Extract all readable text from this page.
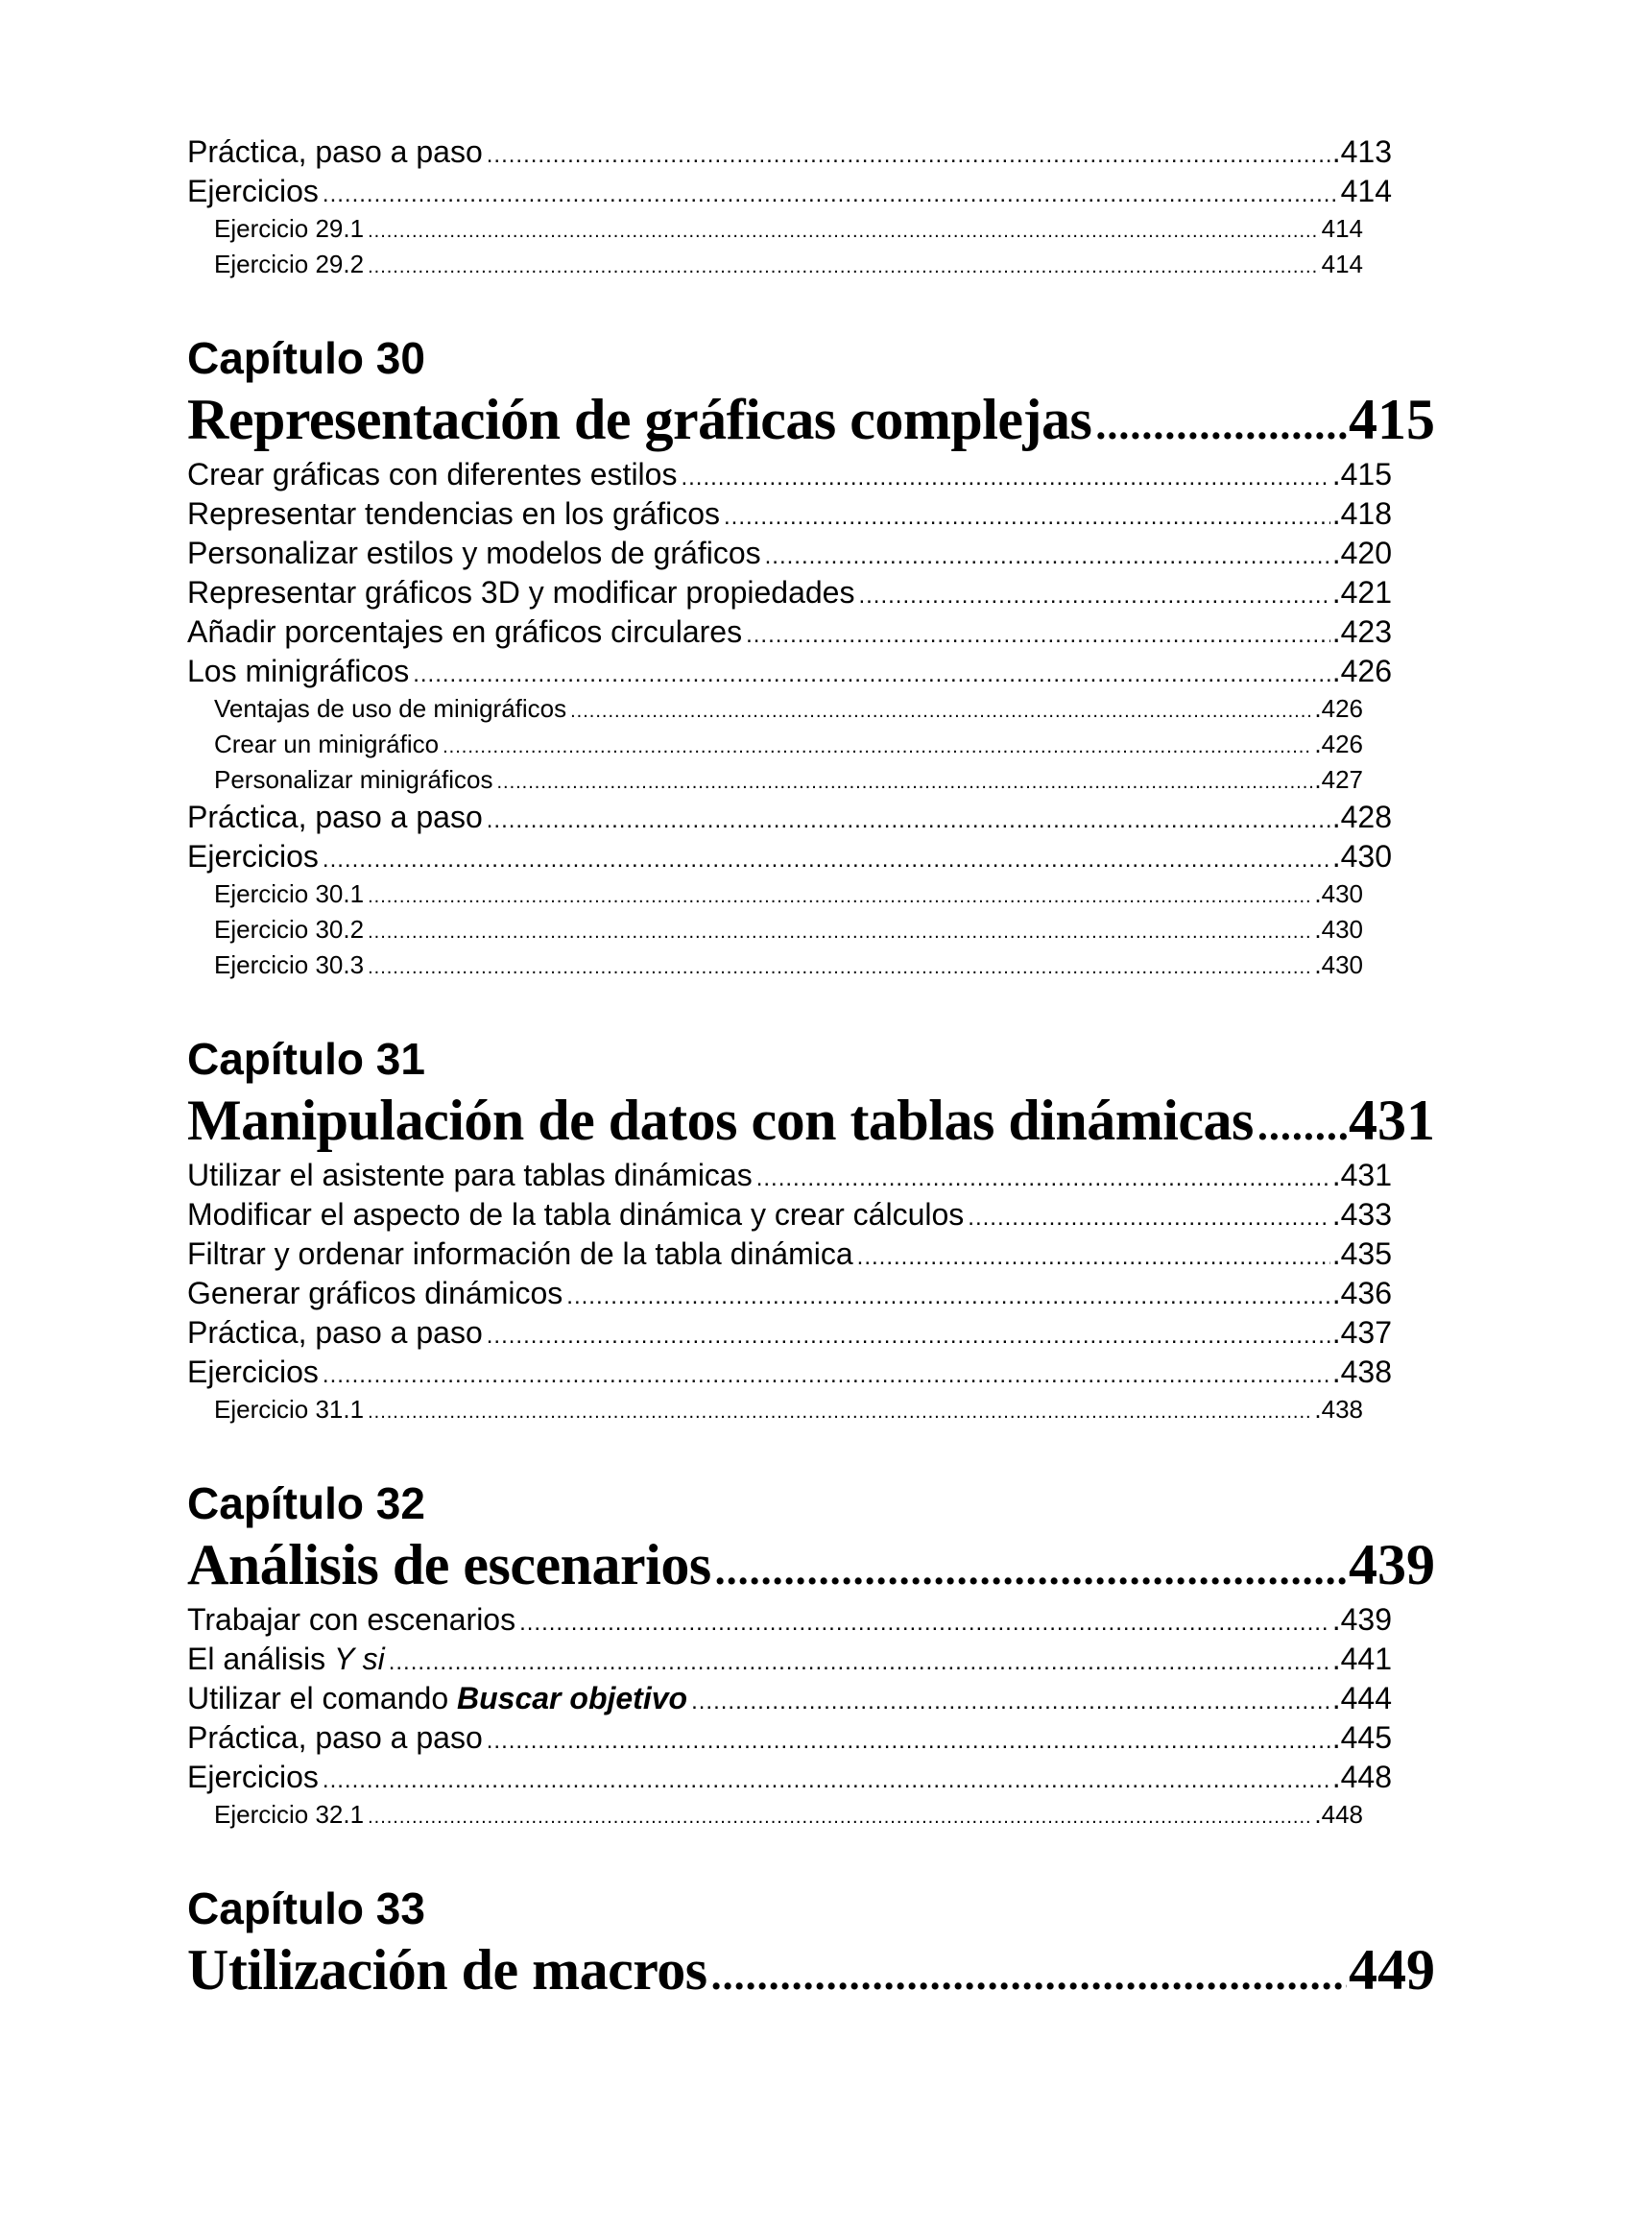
Práctica, paso a paso .....	.413
Ejercicios .....	414
Ejercicio 29.1 .....	414
Ejercicio 29.2 .....	414
Capítulo 30
Representación de gráficas complejas .....	415
Crear gráficas con diferentes estilos .....	.415
Representar tendencias en los gráficos .....	.418
Personalizar estilos y modelos de gráficos .....	.420
Representar gráficos 3D y modificar propiedades .....	.421
Añadir porcentajes en gráficos circulares .....	.423
Los minigráficos .....	.426
Ventajas de uso de minigráficos .....	.426
Crear un minigráfico .....	.426
Personalizar minigráficos .....	.427
Práctica, paso a paso .....	.428
Ejercicios .....	.430
Ejercicio 30.1 .....	.430
Ejercicio 30.2 .....	.430
Ejercicio 30.3 .....	.430
Capítulo 31
Manipulación de datos con tablas dinámicas ..... 431
Utilizar el asistente para tablas dinámicas .....	.431
Modificar el aspecto de la tabla dinámica y crear cálculos .....	.433
Filtrar y ordenar información de la tabla dinámica .....	.435
Generar gráficos dinámicos .....	.436
Práctica, paso a paso .....	.437
Ejercicios .....	.438
Ejercicio 31.1 .....	.438
Capítulo 32
Análisis de escenarios .....	439
Trabajar con escenarios .....	.439
El análisis Y si .....	.441
Utilizar el comando Buscar objetivo .....	.444
Práctica, paso a paso .....	.445
Ejercicios .....	.448
Ejercicio 32.1 .....	.448
Capítulo 33
Utilización de macros .....	449
